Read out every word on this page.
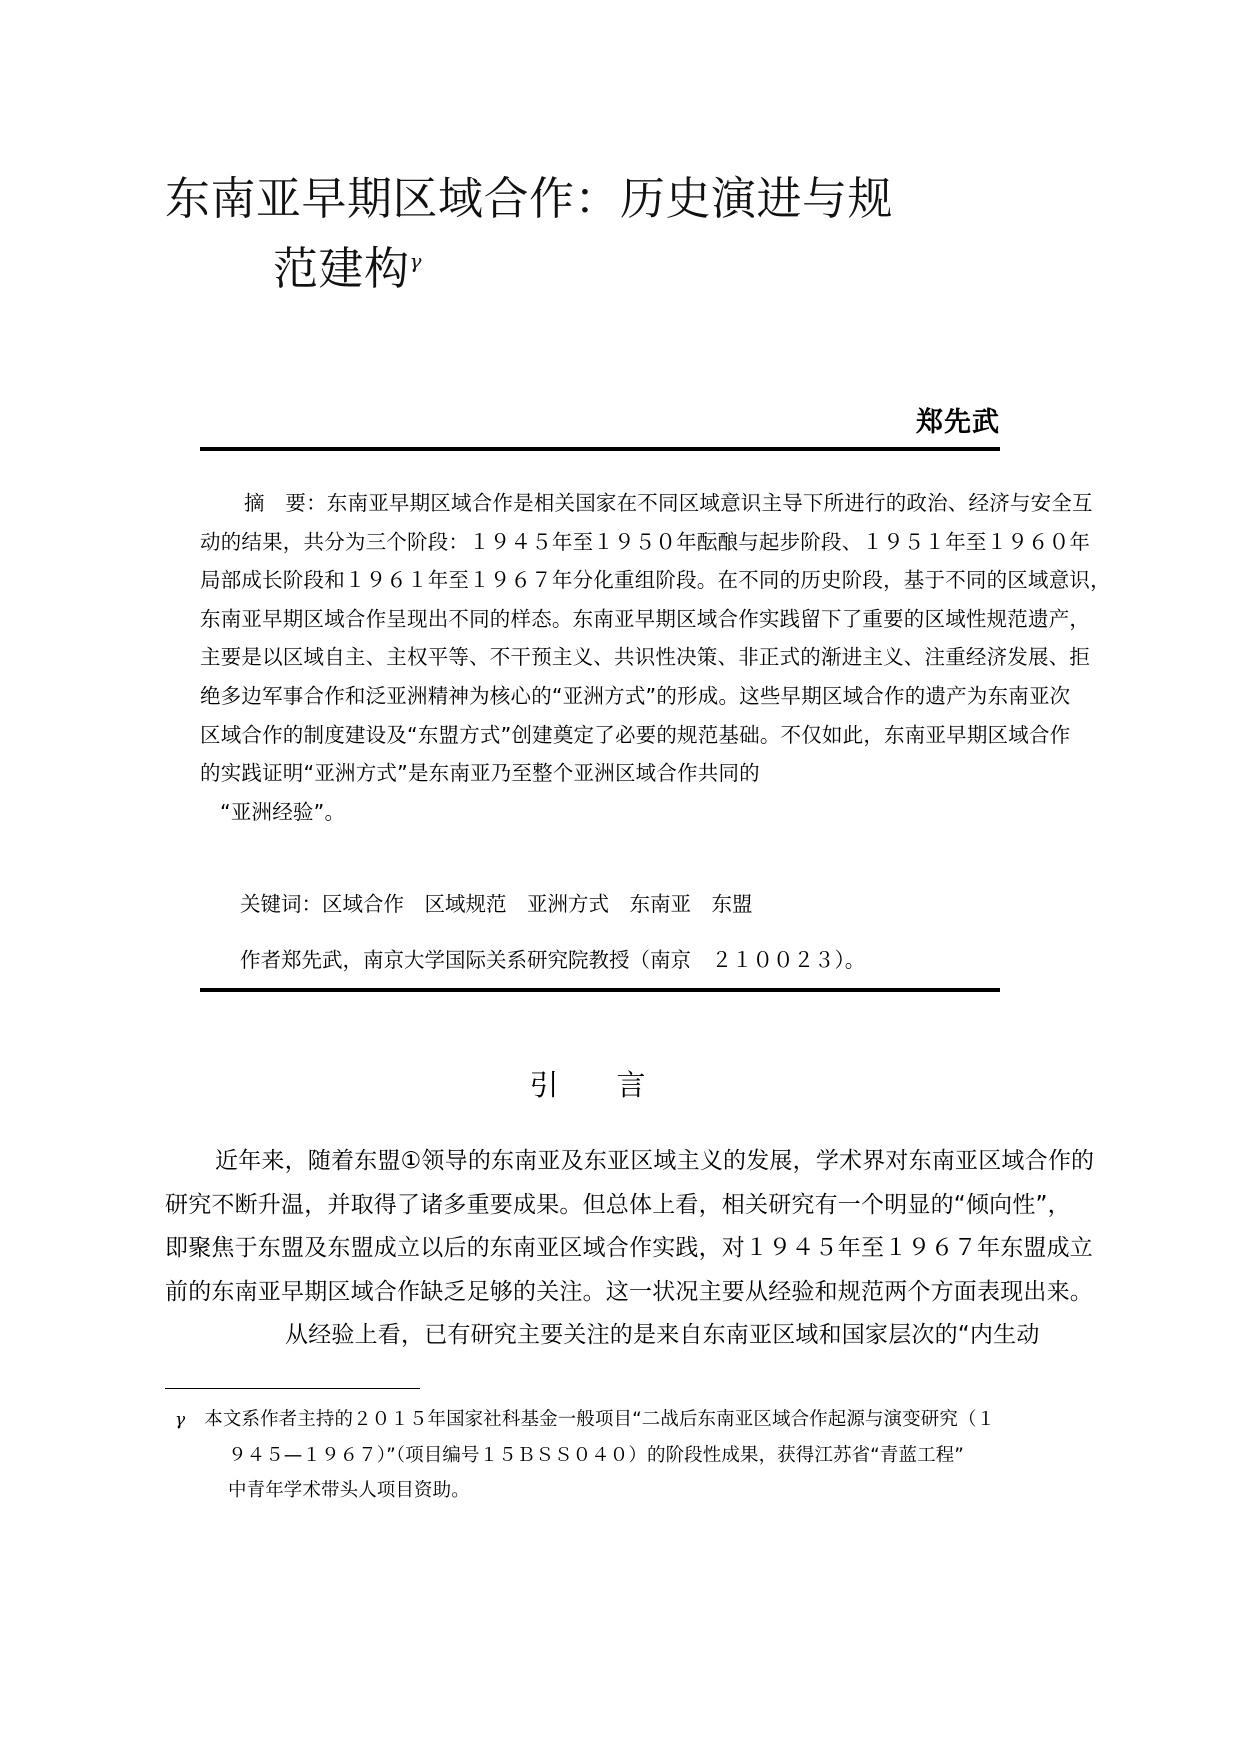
东南亚早期区域合作：历史演进与规
范建构$^\gamma$
郑先武
摘　要：东南亚早期区域合作是相关国家在不同区域意识主导下所进行的政治、经济与安全互
动的结果，共分为三个阶段：１９４５年至１９５０年酝酿与起步阶段、１９５１年至１９６０年
局部成长阶段和１９６１年至１９６７年分化重组阶段。在不同的历史阶段，基于不同的区域意识，
东南亚早期区域合作呈现出不同的样态。东南亚早期区域合作实践留下了重要的区域性规范遗产，
主要是以区域自主、主权平等、不干预主义、共识性决策、非正式的渐进主义、注重经济发展、拒
绝多边军事合作和泛亚洲精神为核心的“亚洲方式”的形成。这些早期区域合作的遗产为东南亚次
区域合作的制度建设及“东盟方式”创建奠定了必要的规范基础。不仅如此，东南亚早期区域合作
的实践证明“亚洲方式”是东南亚乃至整个亚洲区域合作共同的
“亚洲经验”。
关键词：区域合作　区域规范　亚洲方式　东南亚　东盟
作者郑先武，南京大学国际关系研究院教授（南京　２１００２３）。
引　　言
近年来，随着东盟①领导的东南亚及东亚区域主义的发展，学术界对东南亚区域合作的
研究不断升温，并取得了诸多重要成果。但总体上看，相关研究有一个明显的“倾向性”，
即聚焦于东盟及东盟成立以后的东南亚区域合作实践，对１９４５年至１９６７年东盟成立
前的东南亚早期区域合作缺乏足够的关注。这一状况主要从经验和规范两个方面表现出来。
从经验上看，已有研究主要关注的是来自东南亚区域和国家层次的“内生动
γ 本文系作者主持的２０１５年国家社科基金一般项目“二战后东南亚区域合作起源与演变研究（１
９４５—１９６７）”（项目编号１５ＢＳＳ０４０）的阶段性成果，获得江苏省“青蓝工程”
中青年学术带头人项目资助。
